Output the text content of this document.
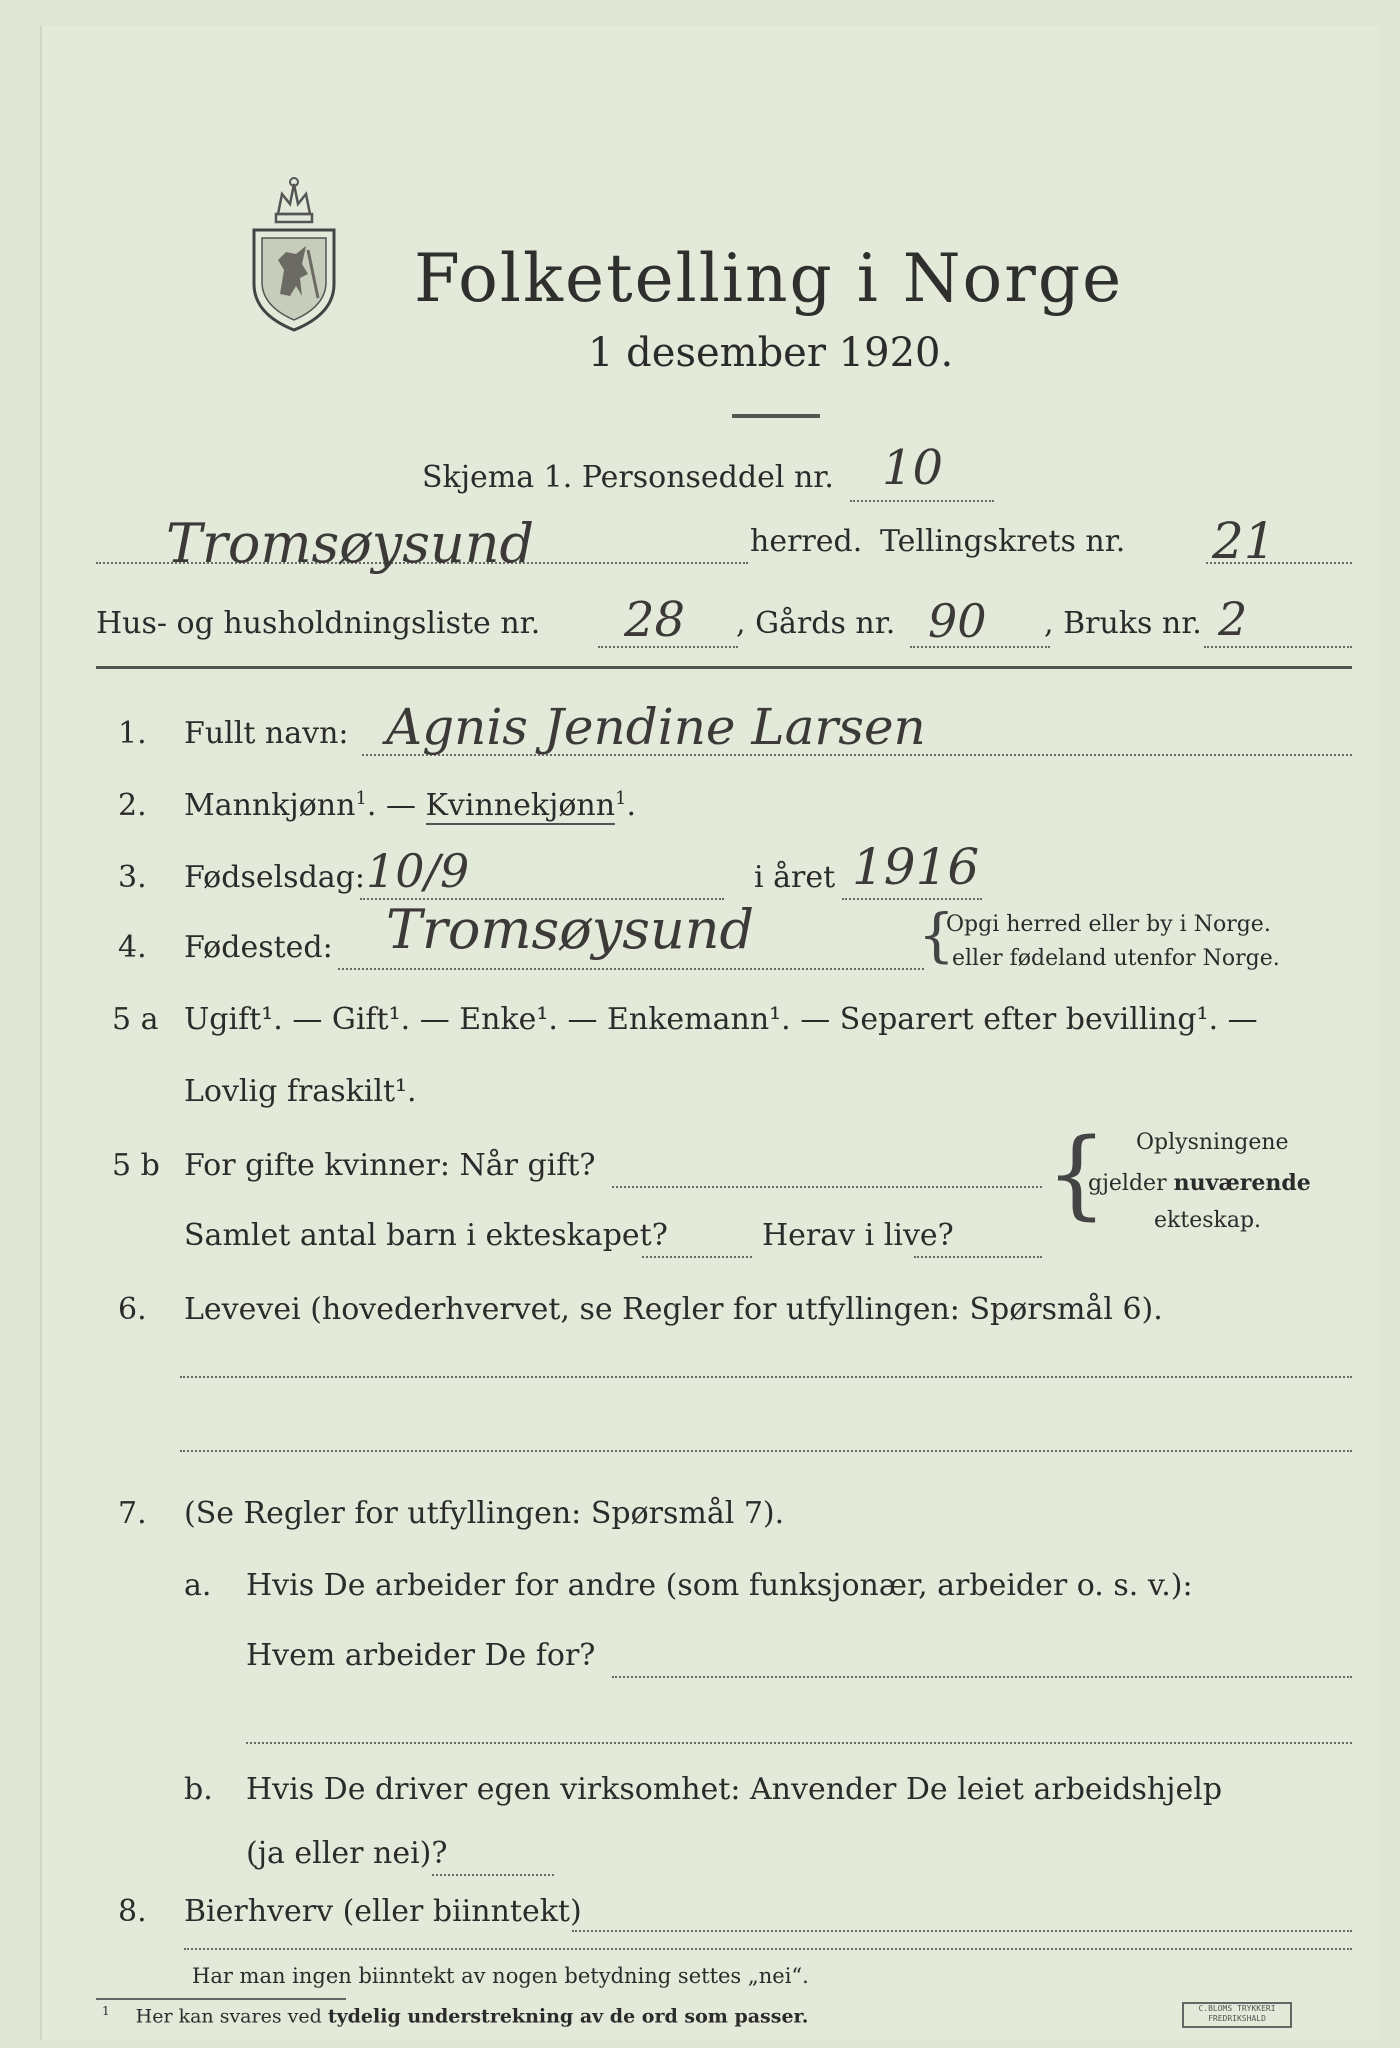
Folketelling i Norge
1 desember 1920.
Skjema 1. Personseddel nr. 10
Tromsøysund	herred. Tellingskrets nr. 21
Hus- og husholdningsliste nr. 28 , Gårds nr. 90 , Bruks nr. 2
1. Fullt navn: Agnis Jendine Larsen
2. Mannkjønn$^1$. — Kvinnekjønn$^1$.
3. Fødselsdag: 10/9	i året 1916
4. Fødested: Tromsøysund	{
Opgi herred eller by i Norge.
eller fødeland utenfor Norge.
5 a Ugift¹. — Gift¹. — Enke¹. — Enkemann¹. — Separert efter bevilling¹. —
Lovlig fraskilt¹.
5 b For gifte kvinner: Når gift?
Samlet antal barn i ekteskapet?	Herav i live?
{ Oplysningene
gjelder nuværende
ekteskap.
6. Levevei (hovederhvervet, se Regler for utfyllingen: Spørsmål 6).
7. (Se Regler for utfyllingen: Spørsmål 7).
a. Hvis De arbeider for andre (som funksjonær, arbeider o. s. v.):
Hvem arbeider De for?
b. Hvis De driver egen virksomhet: Anvender De leiet arbeidshjelp
(ja eller nei)?
8. Bierhverv (eller biinntekt)
Har man ingen biinntekt av nogen betydning settes „nei“.
$^1$ Her kan svares ved tydelig understrekning av de ord som passer.	C.BLOMS TRYKKERI
FREDRIKSHALD
